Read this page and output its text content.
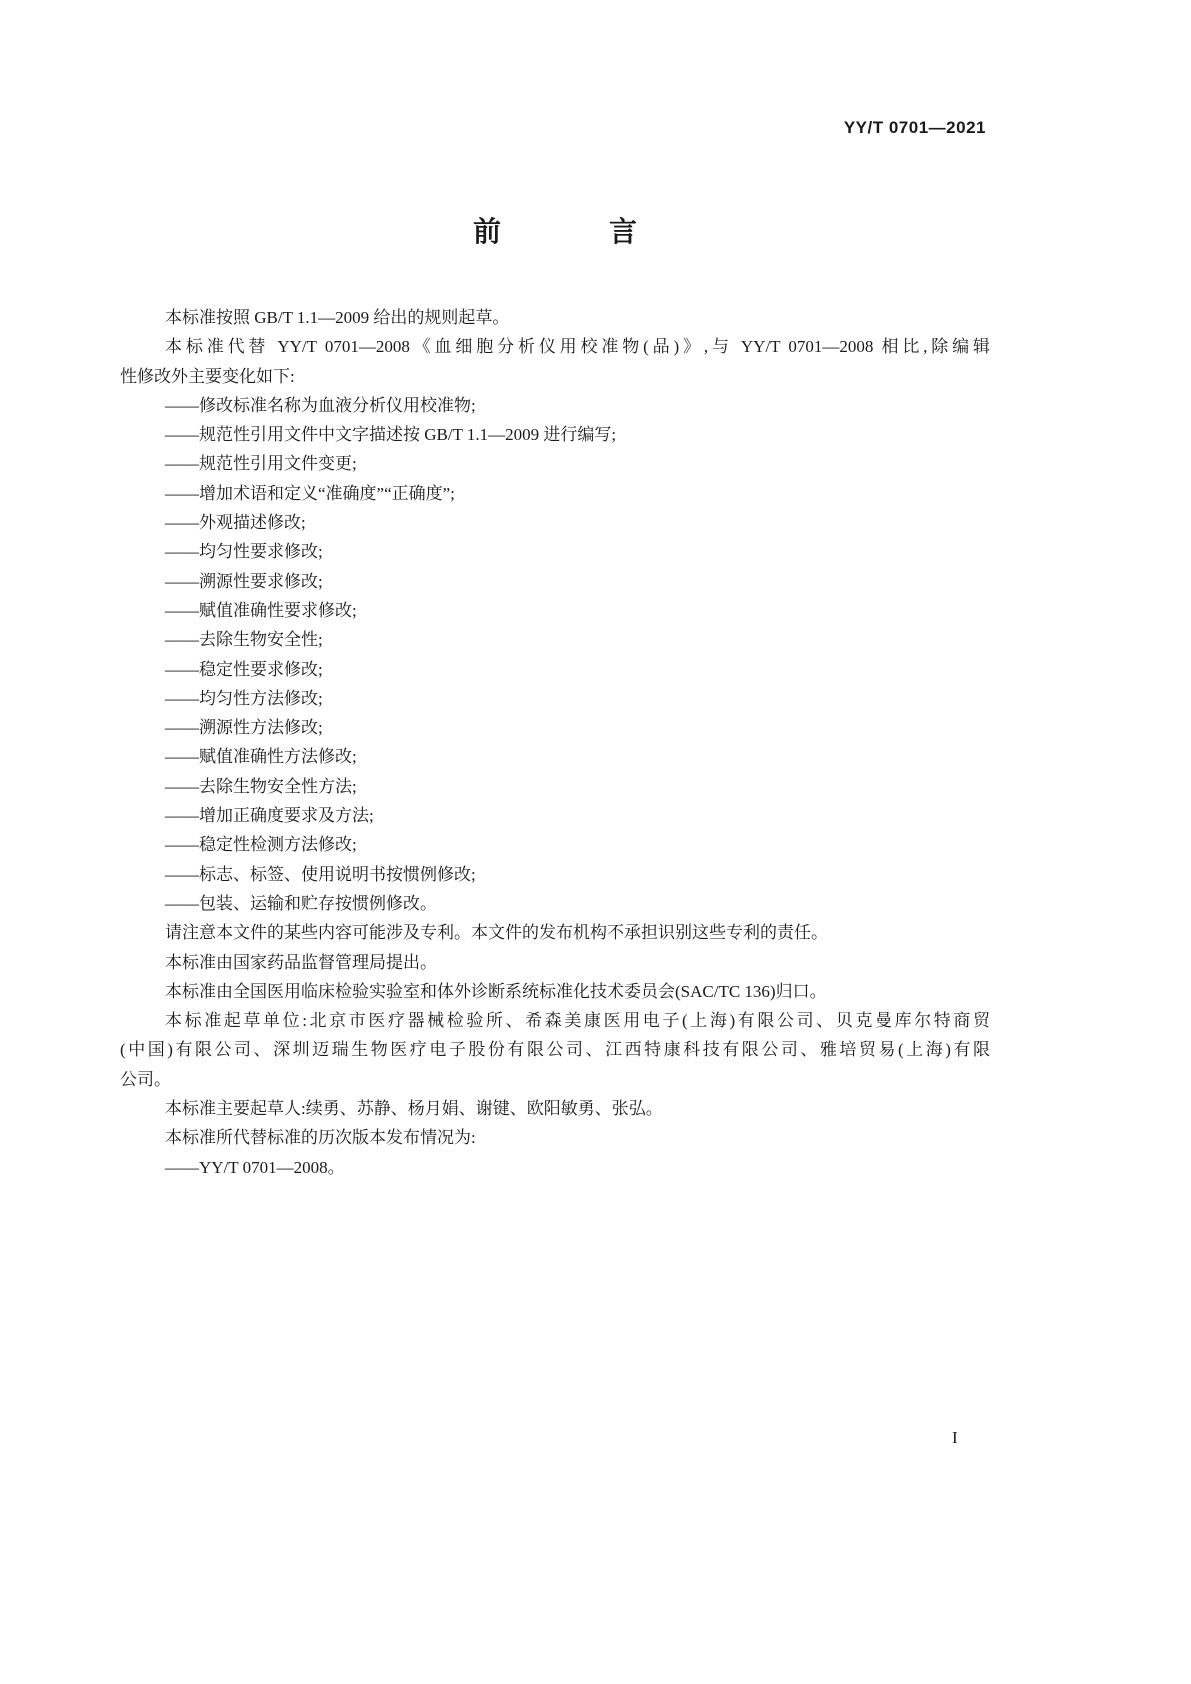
YY/T 0701—2021
前　言
本标准按照 GB/T 1.1—2009 给出的规则起草。
本标准代替 YY/T 0701—2008《血细胞分析仪用校准物(品)》,与 YY/T 0701—2008 相比,除编辑
性修改外主要变化如下:
——修改标准名称为血液分析仪用校准物;
——规范性引用文件中文字描述按 GB/T 1.1—2009 进行编写;
——规范性引用文件变更;
——增加术语和定义“准确度”“正确度”;
——外观描述修改;
——均匀性要求修改;
——溯源性要求修改;
——赋值准确性要求修改;
——去除生物安全性;
——稳定性要求修改;
——均匀性方法修改;
——溯源性方法修改;
——赋值准确性方法修改;
——去除生物安全性方法;
——增加正确度要求及方法;
——稳定性检测方法修改;
——标志、标签、使用说明书按惯例修改;
——包装、运输和贮存按惯例修改。
请注意本文件的某些内容可能涉及专利。本文件的发布机构不承担识别这些专利的责任。
本标准由国家药品监督管理局提出。
本标准由全国医用临床检验实验室和体外诊断系统标准化技术委员会(SAC/TC 136)归口。
本标准起草单位:北京市医疗器械检验所、希森美康医用电子(上海)有限公司、贝克曼库尔特商贸
(中国)有限公司、深圳迈瑞生物医疗电子股份有限公司、江西特康科技有限公司、雅培贸易(上海)有限
公司。
本标准主要起草人:续勇、苏静、杨月娟、谢键、欧阳敏勇、张弘。
本标准所代替标准的历次版本发布情况为:
——YY/T 0701—2008。
I
